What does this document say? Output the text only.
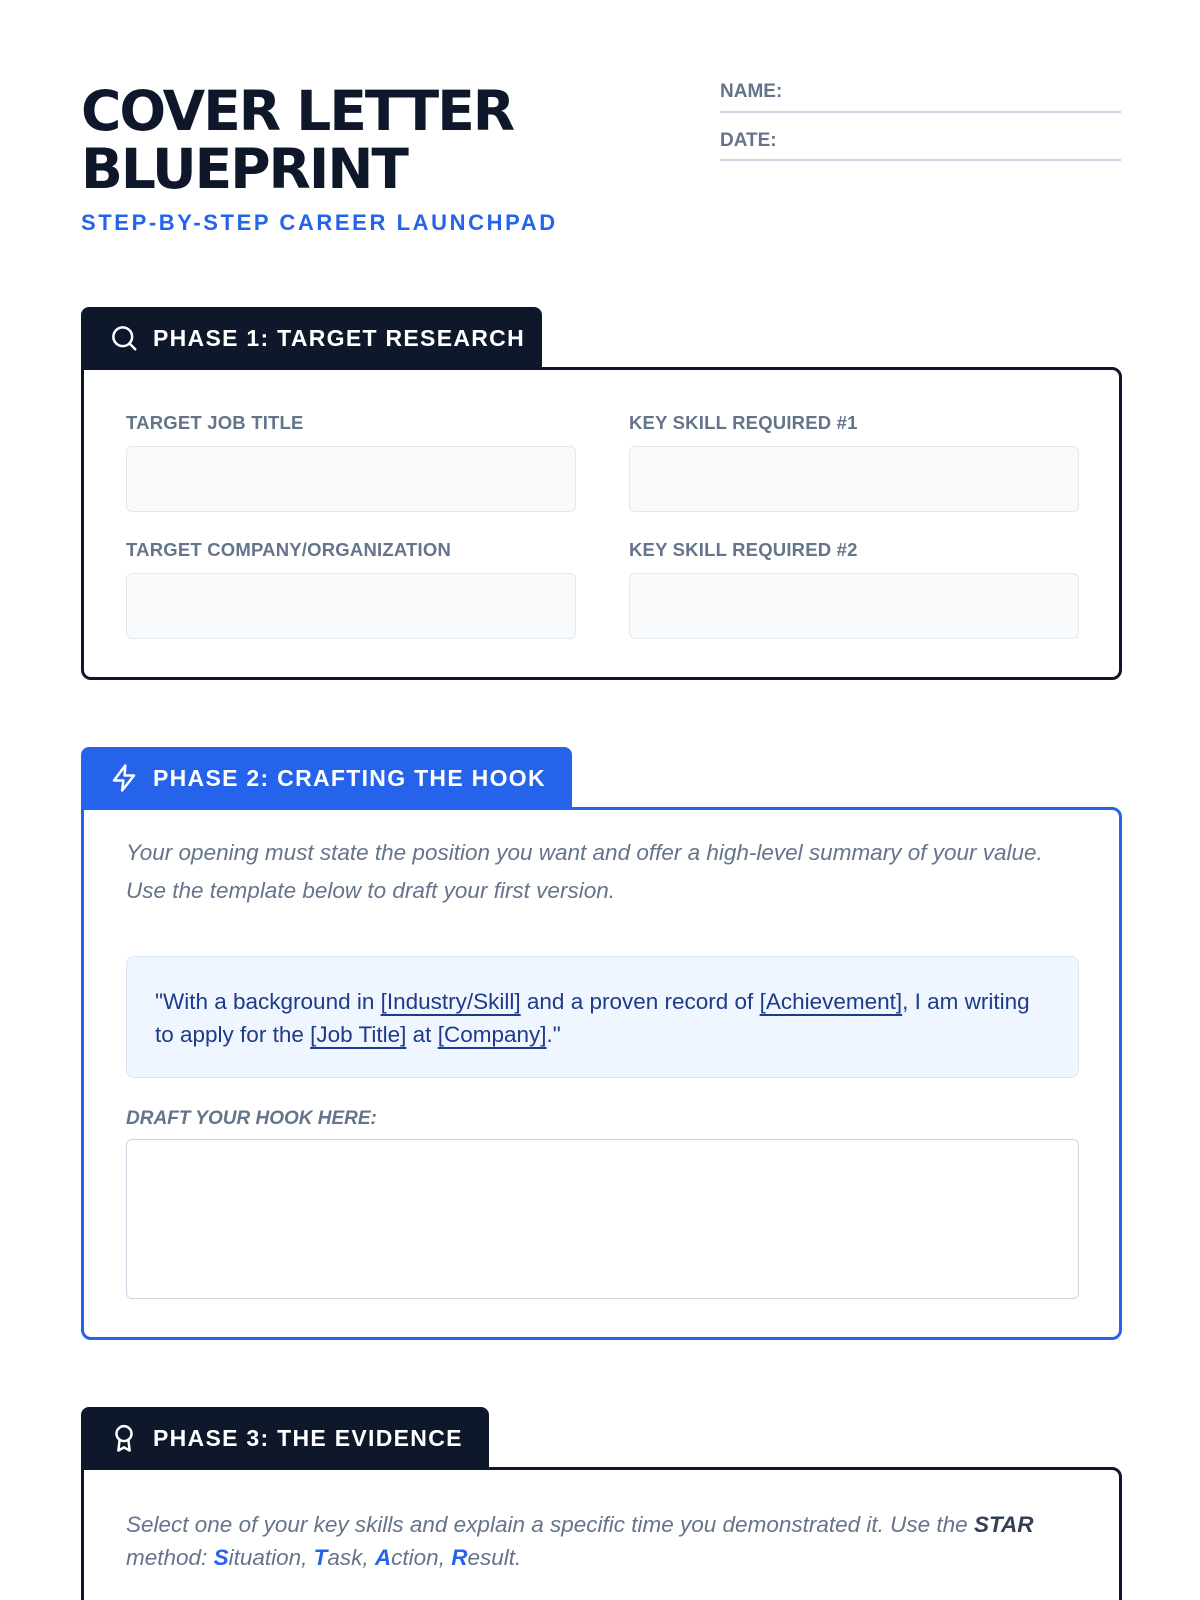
COVER LETTER
BLUEPRINT
STEP-BY-STEP CAREER LAUNCHPAD
NAME:
DATE:
PHASE 1: TARGET RESEARCH
TARGET JOB TITLE	KEY SKILL REQUIRED #1
TARGET COMPANY/ORGANIZATION	KEY SKILL REQUIRED #2
PHASE 2: CRAFTING THE HOOK
Your opening must state the position you want and offer a high-level summary of your value. Use the template below to draft your first version.
"With a background in [Industry/Skill] and a proven record of [Achievement], I am writing to apply for the [Job Title] at [Company]."
DRAFT YOUR HOOK HERE:
PHASE 3: THE EVIDENCE
Select one of your key skills and explain a specific time you demonstrated it. Use the STAR method: Situation, Task, Action, Result.
